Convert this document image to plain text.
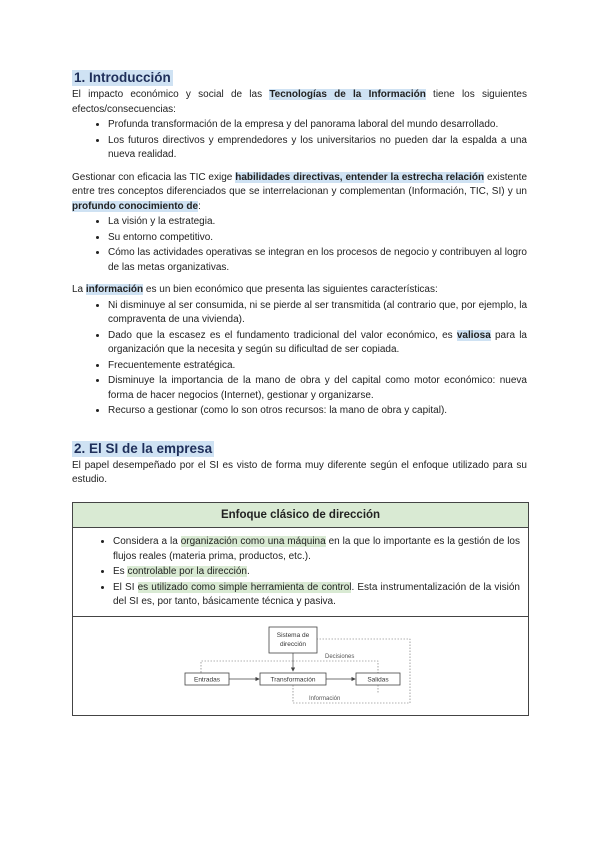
1. Introducción

El impacto económico y social de las Tecnologías de la Información tiene los siguientes efectos/consecuencias:

• Profunda transformación de la empresa y del panorama laboral del mundo desarrollado.
• Los futuros directivos y emprendedores y los universitarios no pueden dar la espalda a una nueva realidad.

Gestionar con eficacia las TIC exige habilidades directivas, entender la estrecha relación existente entre tres conceptos diferenciados que se interrelacionan y complementan (Información, TIC, SI) y un profundo conocimiento de:

• La visión y la estrategia.
• Su entorno competitivo.
• Cómo las actividades operativas se integran en los procesos de negocio y contribuyen al logro de las metas organizativas.

La información es un bien económico que presenta las siguientes características:

• Ni disminuye al ser consumida, ni se pierde al ser transmitida (al contrario que, por ejemplo, la compraventa de una vivienda).
• Dado que la escasez es el fundamento tradicional del valor económico, es valiosa para la organización que la necesita y según su dificultad de ser copiada.
• Frecuentemente estratégica.
• Disminuye la importancia de la mano de obra y del capital como motor económico: nueva forma de hacer negocios (Internet), gestionar y organizarse.
• Recurso a gestionar (como lo son otros recursos: la mano de obra y capital).
2. El SI de la empresa

El papel desempeñado por el SI es visto de forma muy diferente según el enfoque utilizado para su estudio.

Enfoque clásico de dirección
• Considera a la organización como una máquina en la que lo importante es la gestión de los flujos reales (materia prima, productos, etc.).
• Es controlable por la dirección.
• El SI es utilizado como simple herramienta de control. Esta instrumentalización de la visión del SI es, por tanto, básicamente técnica y pasiva.
Sistema de
dirección
Decisiones
Entradas	Transformación	Salidas
Información
